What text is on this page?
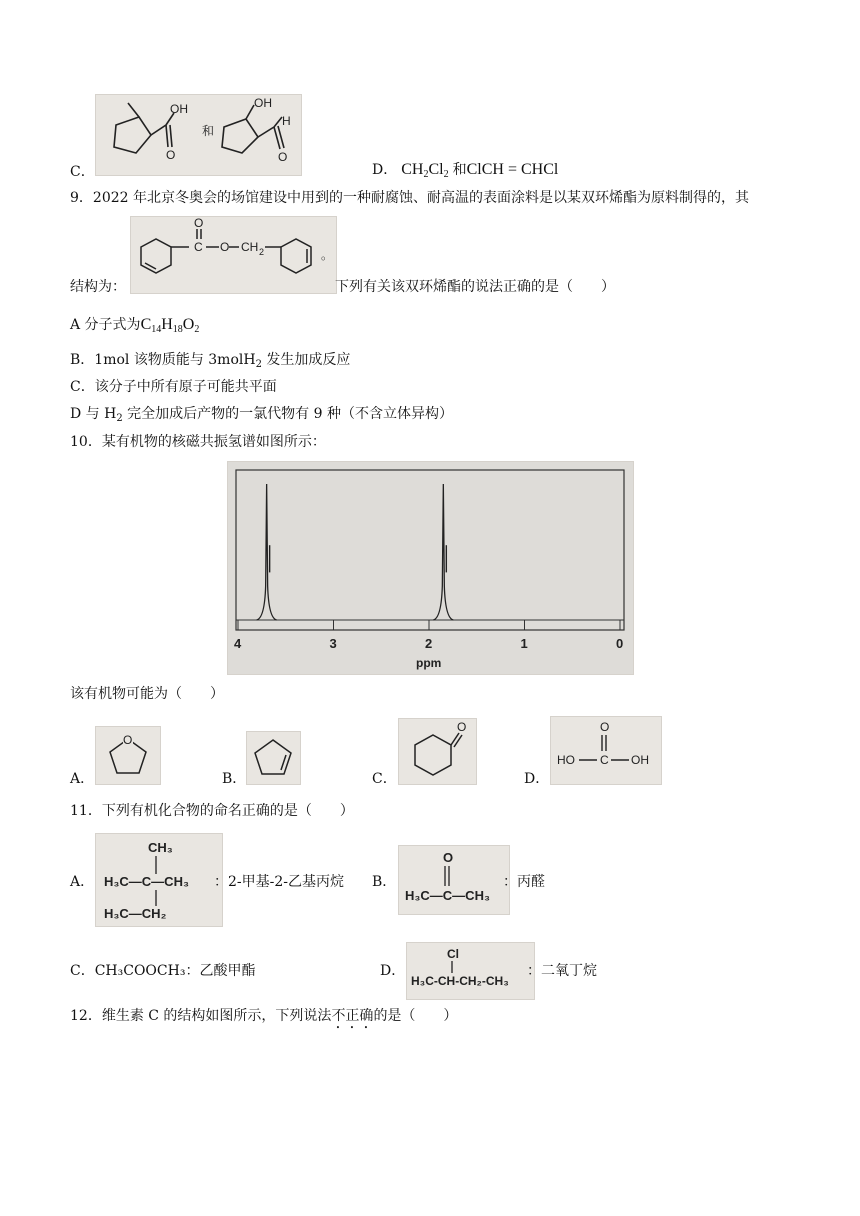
C．
OH
O
和
OH
H
O
D． $CH_2Cl_2$ 和ClCH = CHCl
9．2022 年北京冬奥会的场馆建设中用到的一种耐腐蚀、耐高温的表面涂料是以某双环烯酯为原料制得的，其
结构为：
O
C O CH 2	。
下列有关该双环烯酯的说法正确的是（　　）
A 分子式为$C_{14}H_{18}O_2$
B．1mol 该物质能与 3molH$_2$ 发生加成反应
C．该分子中所有原子可能共平面
D 与 $H_2$ 完全加成后产物的一氯代物有 9 种（不含立体异构）
10．某有机物的核磁共振氢谱如图所示：
4	3	2	1	0
ppm
该有机物可能为（　　）
A．
O
B．	C．
O
D．
O
HO C OH
11．下列有机化合物的命名正确的是（　　）
A．
CH₃
H₃C—C—CH₃
H₃C—CH₂
：2-甲基-2-乙基丙烷 B．
O
H₃C—C—CH₃
：丙醛
C．CH₃COOCH₃：乙酸甲酯	D．
Cl
H₃C-CH-CH₂-CH₃
：二氧丁烷
12．维生素 C 的结构如图所示，下列说法不正确的是（　　）
